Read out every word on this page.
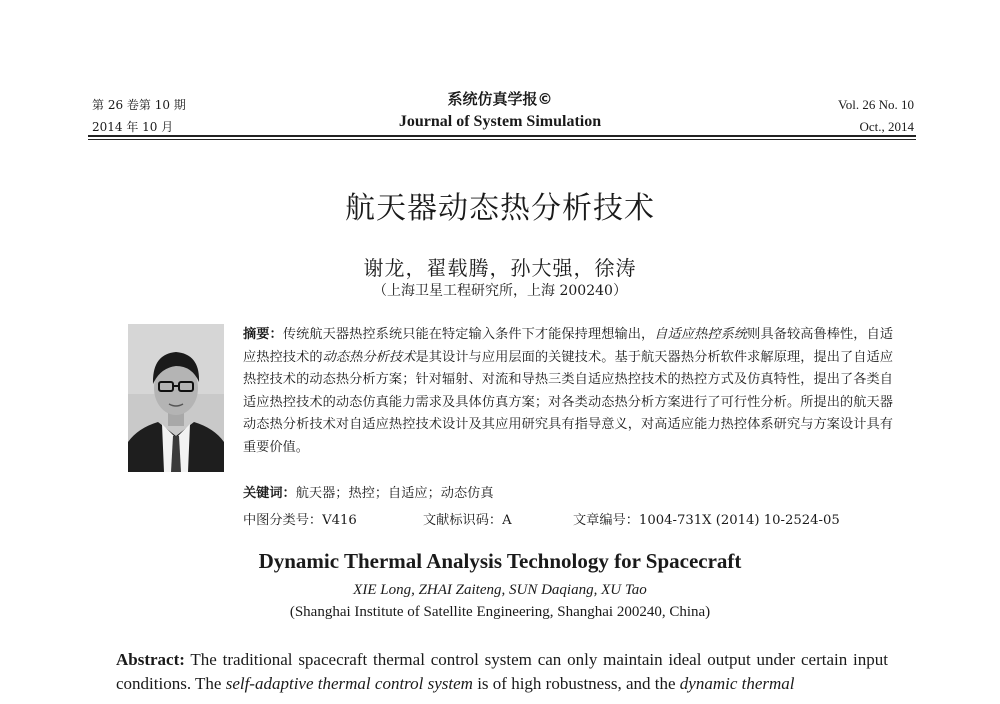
第 26 卷第 10 期
2014 年 10 月
系统仿真学报©
Journal of System Simulation
Vol. 26 No. 10
Oct., 2014
航天器动态热分析技术
谢龙，翟载腾，孙大强，徐涛
（上海卫星工程研究所，上海 200240）
摘要：传统航天器热控系统只能在特定输入条件下才能保持理想输出，自适应热控系统则具备较高鲁棒性，自适应热控技术的动态热分析技术是其设计与应用层面的关键技术。基于航天器热分析软件求解原理，提出了自适应热控技术的动态热分析方案；针对辐射、对流和导热三类自适应热控技术的热控方式及仿真特性，提出了各类自适应热控技术的动态仿真能力需求及具体仿真方案；对各类动态热分析方案进行了可行性分析。所提出的航天器动态热分析技术对自适应热控技术设计及其应用研究具有指导意义，对高适应能力热控体系研究与方案设计具有重要价值。
关键词：航天器；热控；自适应；动态仿真
中图分类号：V416	文献标识码：A	文章编号：1004-731X (2014) 10-2524-05
Dynamic Thermal Analysis Technology for Spacecraft
XIE Long, ZHAI Zaiteng, SUN Daqiang, XU Tao
(Shanghai Institute of Satellite Engineering, Shanghai 200240, China)
Abstract: The traditional spacecraft thermal control system can only maintain ideal output under certain input conditions. The self-adaptive thermal control system is of high robustness, and the dynamic thermal
